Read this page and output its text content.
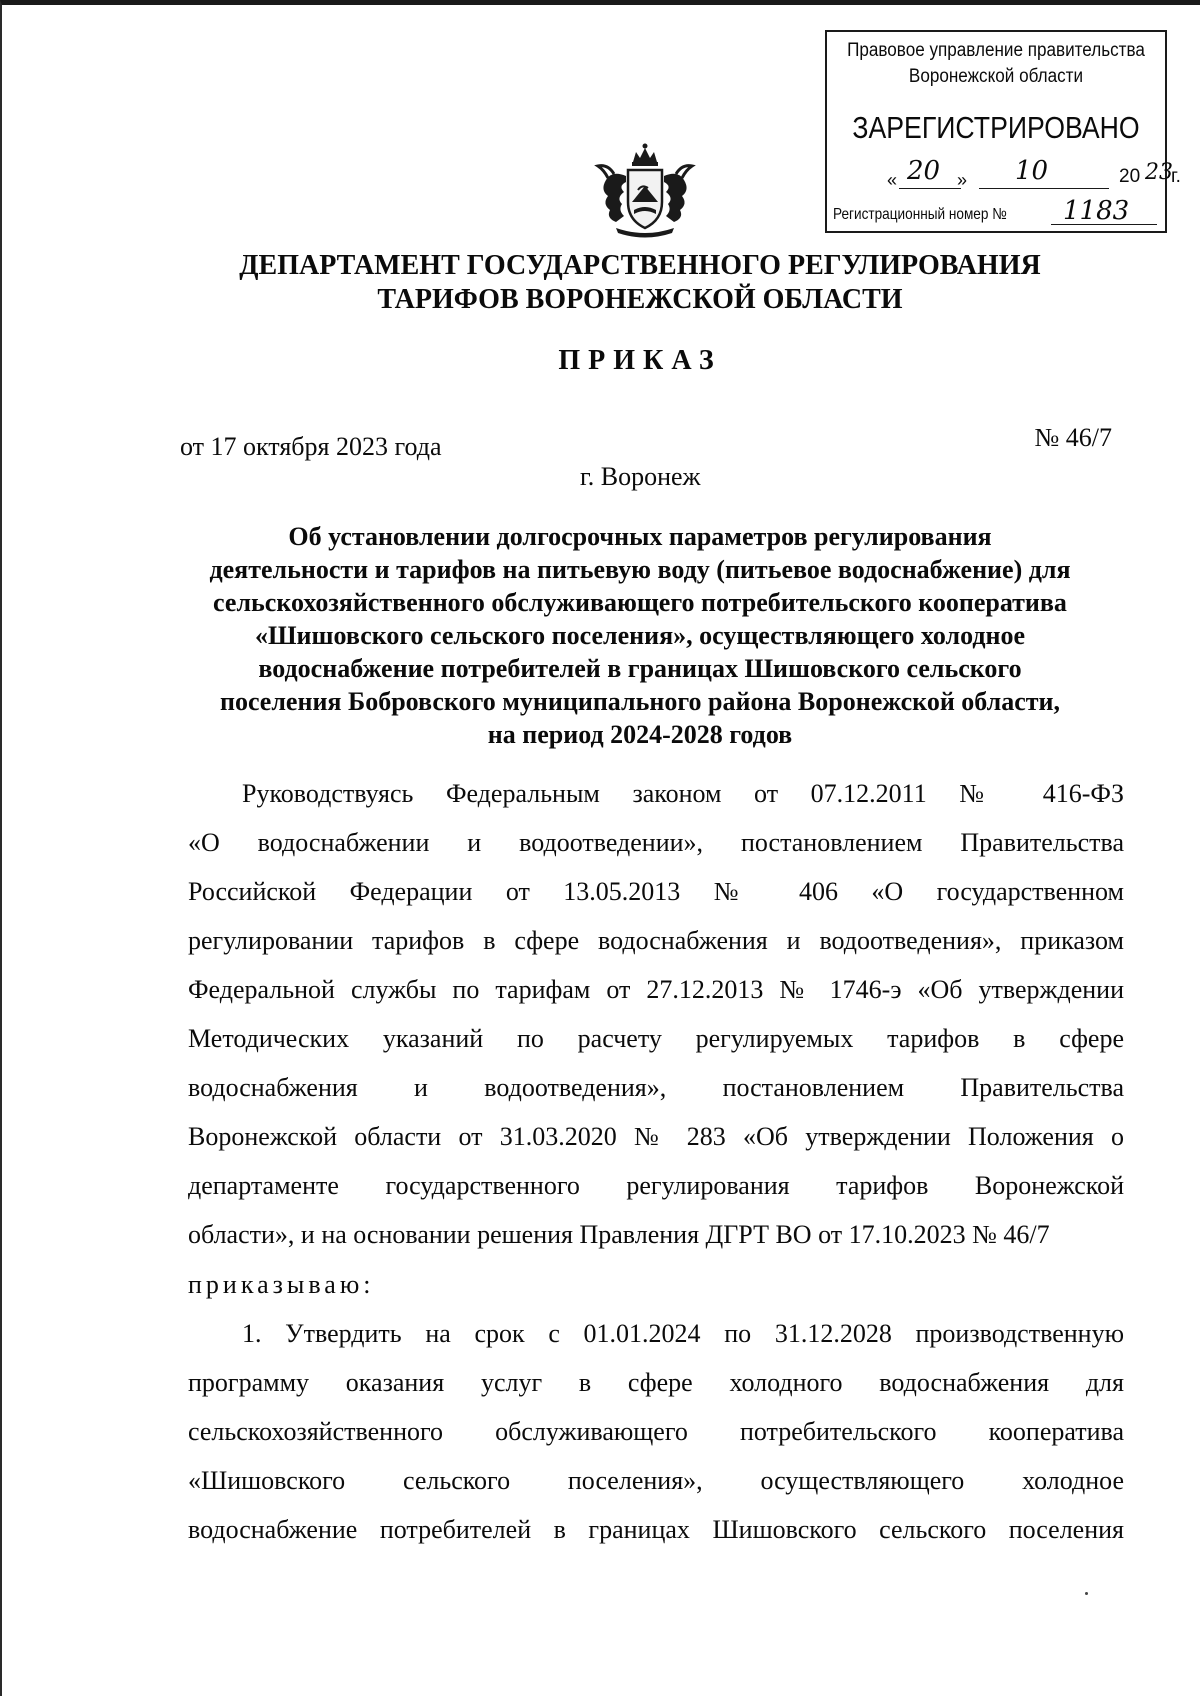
Правовое управление правительства
Воронежской области
ЗАРЕГИСТРИРОВАНО
« 20 » 10	20 23
г.
Регистрационный номер № 1183
ДЕПАРТАМЕНТ ГОСУДАРСТВЕННОГО РЕГУЛИРОВАНИЯ
ТАРИФОВ ВОРОНЕЖСКОЙ ОБЛАСТИ
ПРИКАЗ
от 17 октября 2023 года	№ 46/7
г. Воронеж
Об установлении долгосрочных параметров регулирования
деятельности и тарифов на питьевую воду (питьевое водоснабжение) для
сельскохозяйственного обслуживающего потребительского кооператива
«Шишовского сельского поселения», осуществляющего холодное
водоснабжение потребителей в границах Шишовского сельского
поселения Бобровского муниципального района Воронежской области,
на период 2024-2028 годов
Руководствуясь Федеральным законом от 07.12.2011 № 416-ФЗ
«О водоснабжении и водоотведении», постановлением Правительства
Российской Федерации от 13.05.2013 № 406 «О государственном
регулировании тарифов в сфере водоснабжения и водоотведения», приказом
Федеральной службы по тарифам от 27.12.2013 № 1746-э «Об утверждении
Методических указаний по расчету регулируемых тарифов в сфере
водоснабжения и водоотведения», постановлением Правительства
Воронежской области от 31.03.2020 № 283 «Об утверждении Положения о
департаменте государственного регулирования тарифов Воронежской
области», и на основании решения Правления ДГРТ ВО от 17.10.2023 № 46/7
приказываю:
1. Утвердить на срок с 01.01.2024 по 31.12.2028 производственную
программу оказания услуг в сфере холодного водоснабжения для
сельскохозяйственного обслуживающего потребительского кооператива
«Шишовского сельского поселения», осуществляющего холодное
водоснабжение потребителей в границах Шишовского сельского поселения
